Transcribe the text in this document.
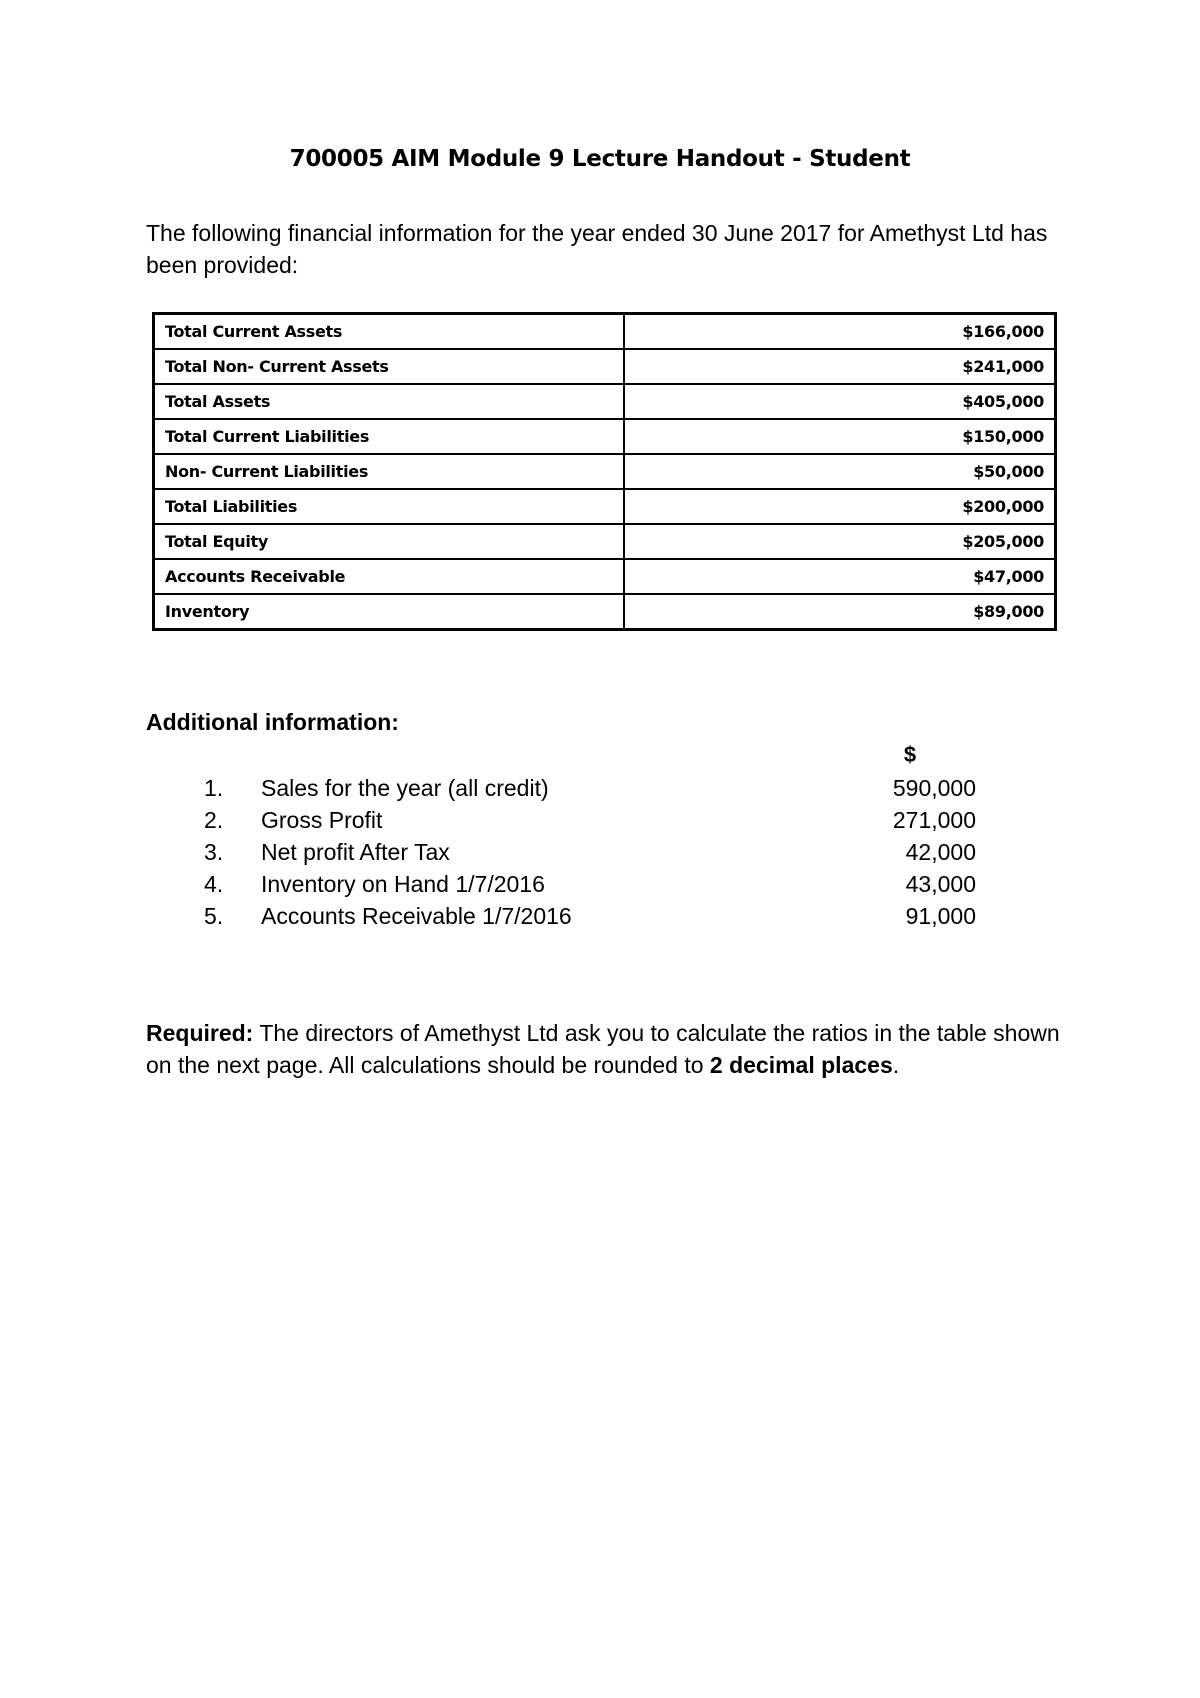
700005 AIM Module 9 Lecture Handout - Student
The following financial information for the year ended 30 June 2017 for Amethyst Ltd has been provided:
Total Current Assets	$166,000
Total Non- Current Assets	$241,000
Total Assets	$405,000
Total Current Liabilities	$150,000
Non- Current Liabilities	$50,000
Total Liabilities	$200,000
Total Equity	$205,000
Accounts Receivable	$47,000
Inventory	$89,000
Additional information:
$
1. Sales for the year (all credit)	590,000
2. Gross Profit	271,000
3. Net profit After Tax	42,000
4. Inventory on Hand 1/7/2016	43,000
5. Accounts Receivable 1/7/2016	91,000
Required: The directors of Amethyst Ltd ask you to calculate the ratios in the table shown on the next page. All calculations should be rounded to 2 decimal places.
